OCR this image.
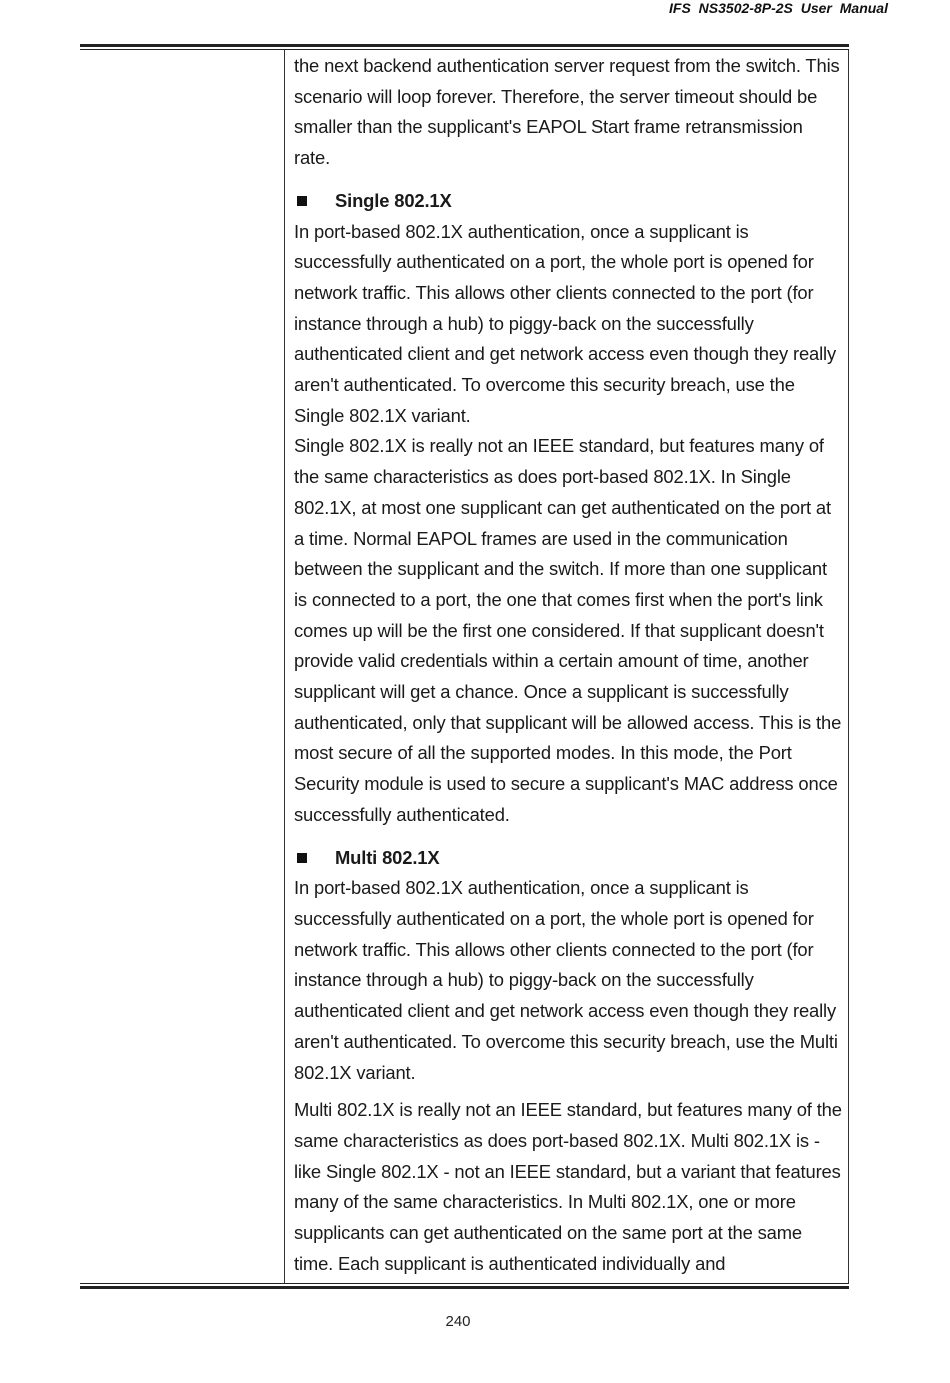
IFS NS3502-8P-2S User Manual

the next backend authentication server request from the switch. This scenario will loop forever. Therefore, the server timeout should be smaller than the supplicant's EAPOL Start frame retransmission rate.

Single 802.1X

In port-based 802.1X authentication, once a supplicant is successfully authenticated on a port, the whole port is opened for network traffic. This allows other clients connected to the port (for instance through a hub) to piggy-back on the successfully authenticated client and get network access even though they really aren't authenticated. To overcome this security breach, use the Single 802.1X variant.

Single 802.1X is really not an IEEE standard, but features many of the same characteristics as does port-based 802.1X. In Single 802.1X, at most one supplicant can get authenticated on the port at a time. Normal EAPOL frames are used in the communication between the supplicant and the switch. If more than one supplicant is connected to a port, the one that comes first when the port's link comes up will be the first one considered. If that supplicant doesn't provide valid credentials within a certain amount of time, another supplicant will get a chance. Once a supplicant is successfully authenticated, only that supplicant will be allowed access. This is the most secure of all the supported modes. In this mode, the Port Security module is used to secure a supplicant's MAC address once successfully authenticated.

Multi 802.1X

In port-based 802.1X authentication, once a supplicant is successfully authenticated on a port, the whole port is opened for network traffic. This allows other clients connected to the port (for instance through a hub) to piggy-back on the successfully authenticated client and get network access even though they really aren't authenticated. To overcome this security breach, use the Multi 802.1X variant.

Multi 802.1X is really not an IEEE standard, but features many of the same characteristics as does port-based 802.1X. Multi 802.1X is - like Single 802.1X - not an IEEE standard, but a variant that features many of the same characteristics. In Multi 802.1X, one or more supplicants can get authenticated on the same port at the same time. Each supplicant is authenticated individually and

240
